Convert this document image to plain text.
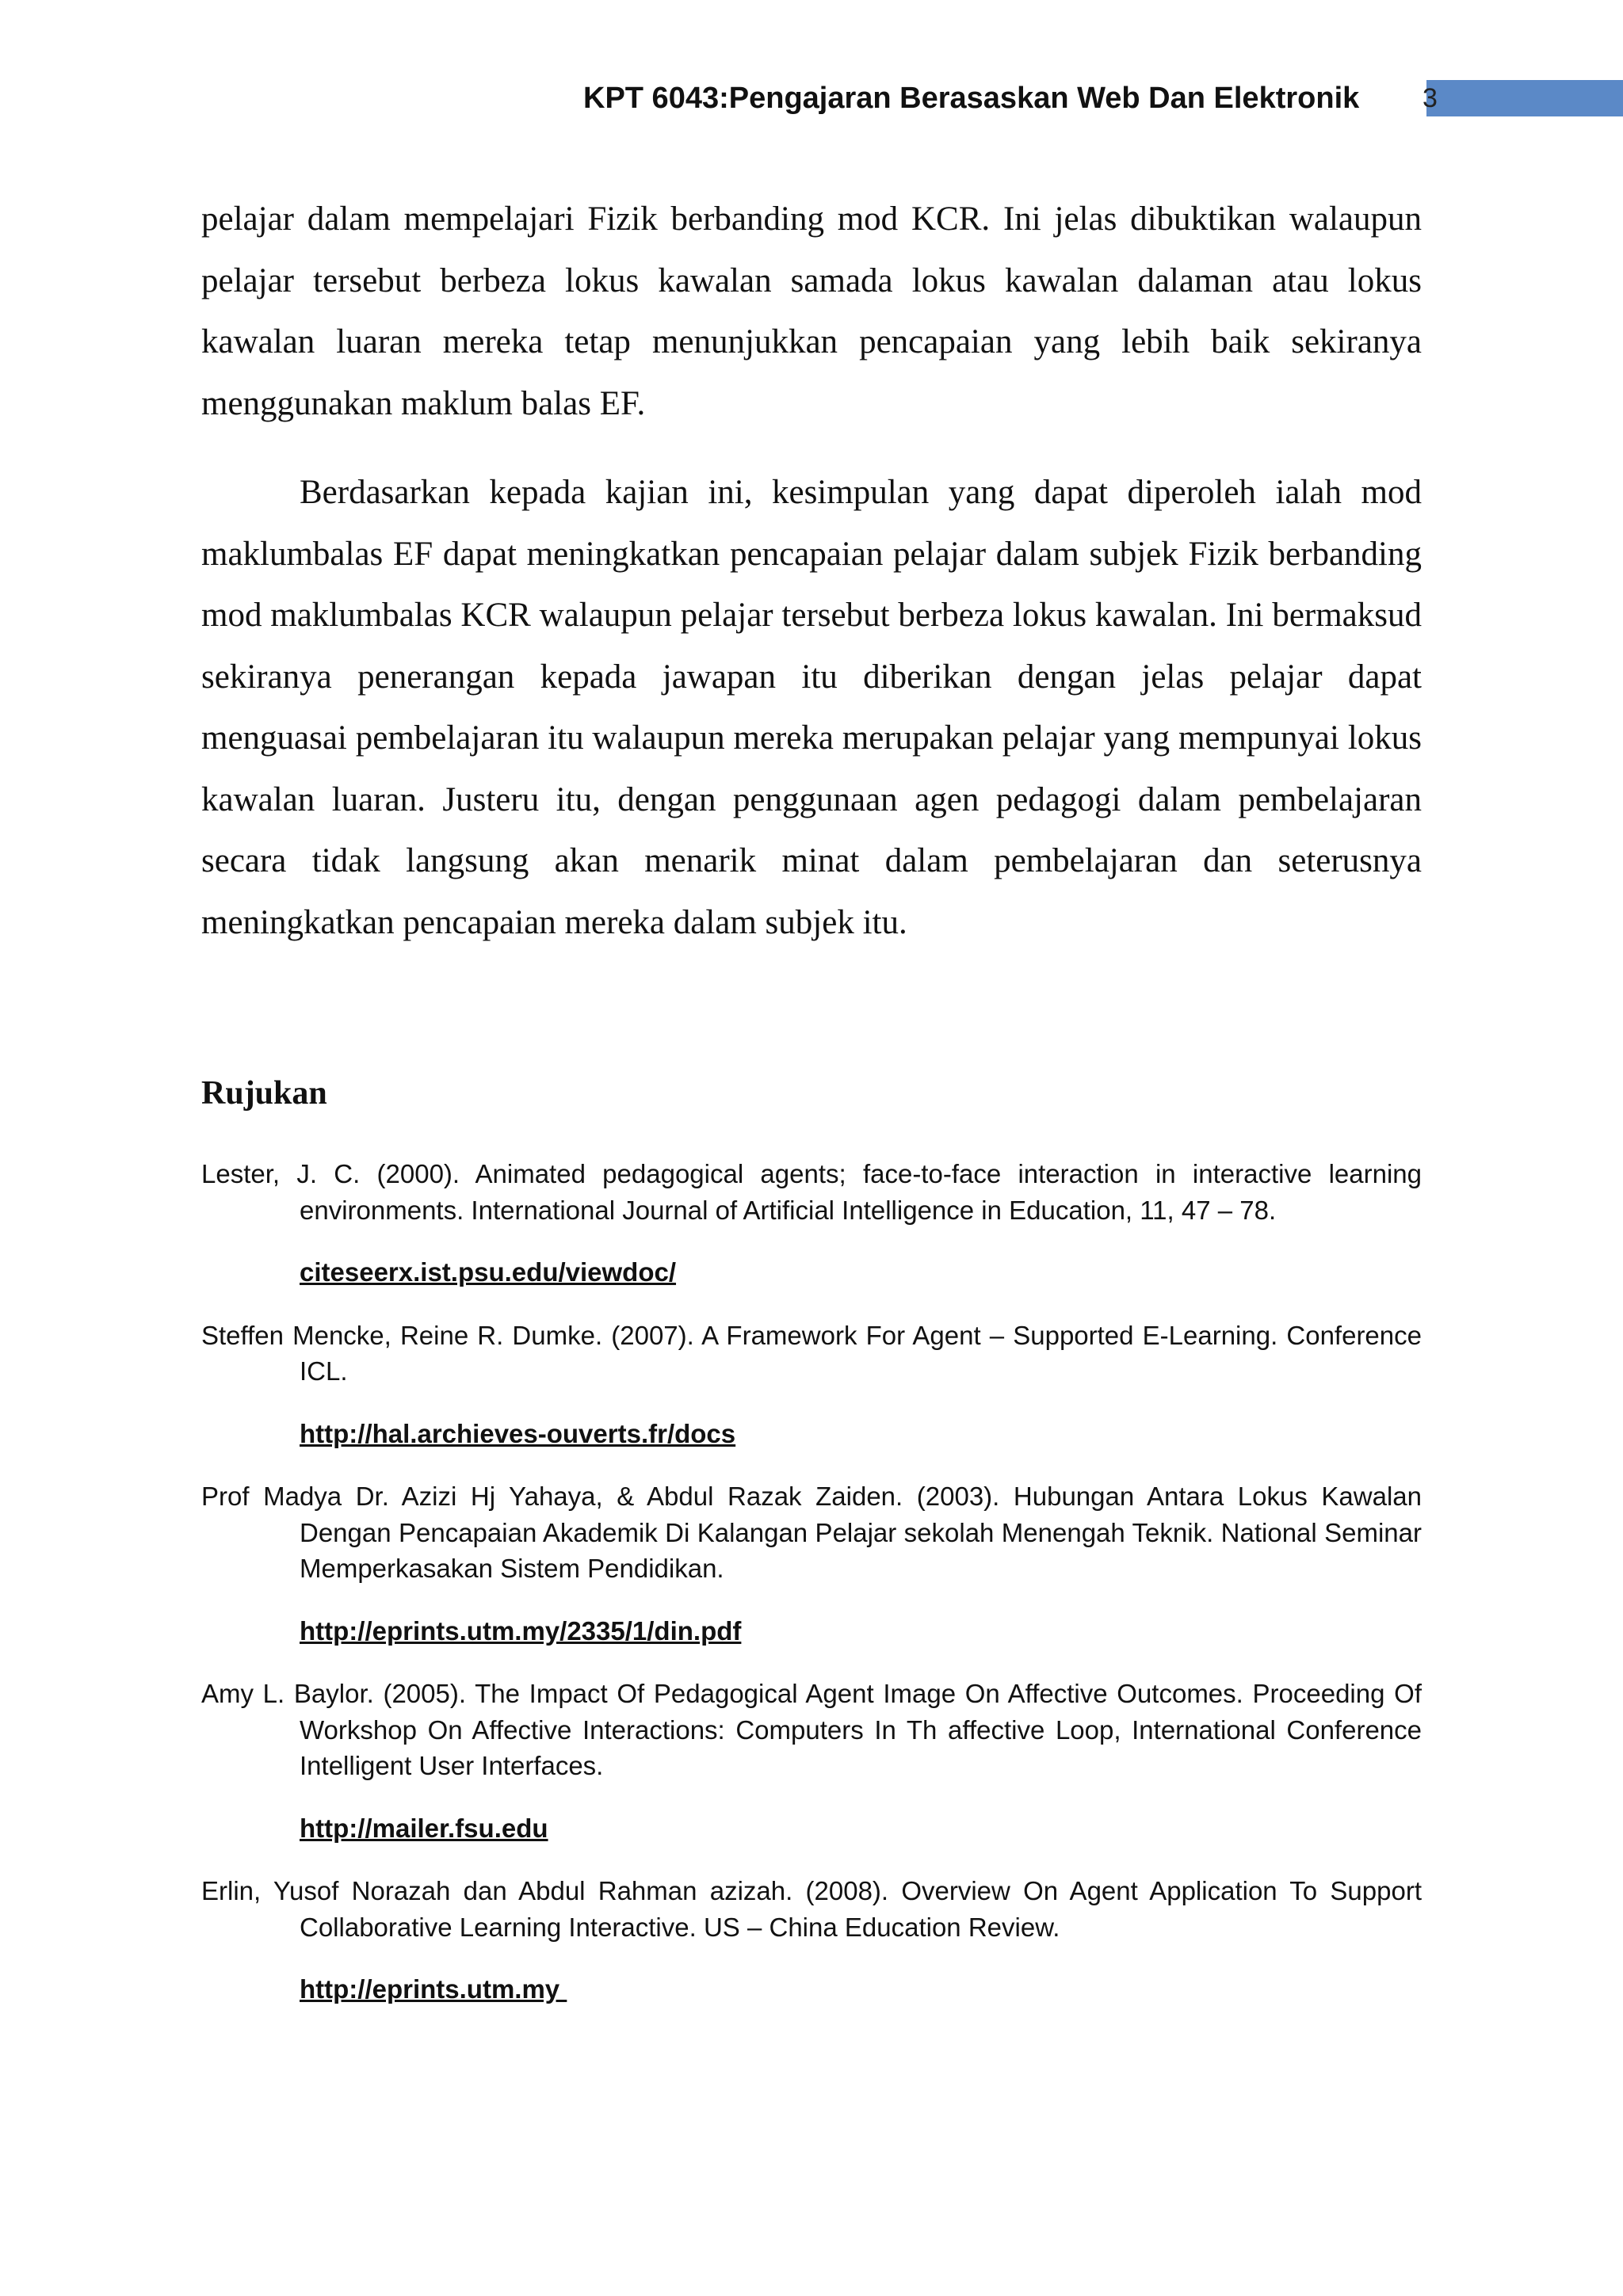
KPT 6043:Pengajaran Berasaskan Web Dan Elektronik 3

pelajar dalam mempelajari Fizik berbanding mod KCR. Ini jelas dibuktikan walaupun pelajar tersebut berbeza lokus kawalan samada lokus kawalan dalaman atau lokus kawalan luaran mereka tetap menunjukkan pencapaian yang lebih baik sekiranya menggunakan maklum balas EF.

Berdasarkan kepada kajian ini, kesimpulan yang dapat diperoleh ialah mod maklumbalas EF dapat meningkatkan pencapaian pelajar dalam subjek Fizik berbanding mod maklumbalas KCR walaupun pelajar tersebut berbeza lokus kawalan. Ini bermaksud sekiranya penerangan kepada jawapan itu diberikan dengan jelas pelajar dapat menguasai pembelajaran itu walaupun mereka merupakan pelajar yang mempunyai lokus kawalan luaran. Justeru itu, dengan penggunaan agen pedagogi dalam pembelajaran secara tidak langsung akan menarik minat dalam pembelajaran dan seterusnya meningkatkan pencapaian mereka dalam subjek itu.

Rujukan

Lester, J. C. (2000). Animated pedagogical agents; face-to-face interaction in interactive learning environments. International Journal of Artificial Intelligence in Education, 11, 47 – 78.

citeseerx.ist.psu.edu/viewdoc/

Steffen Mencke, Reine R. Dumke. (2007). A Framework For Agent – Supported E-Learning. Conference ICL.

http://hal.archieves-ouverts.fr/docs

Prof Madya Dr. Azizi Hj Yahaya, & Abdul Razak Zaiden. (2003). Hubungan Antara Lokus Kawalan Dengan Pencapaian Akademik Di Kalangan Pelajar sekolah Menengah Teknik. National Seminar Memperkasakan Sistem Pendidikan.

http://eprints.utm.my/2335/1/din.pdf

Amy L. Baylor. (2005). The Impact Of Pedagogical Agent Image On Affective Outcomes. Proceeding Of Workshop On Affective Interactions: Computers In Th affective Loop, International Conference Intelligent User Interfaces.

http://mailer.fsu.edu

Erlin, Yusof Norazah dan Abdul Rahman azizah. (2008). Overview On Agent Application To Support Collaborative Learning Interactive. US – China Education Review.

http://eprints.utm.my
